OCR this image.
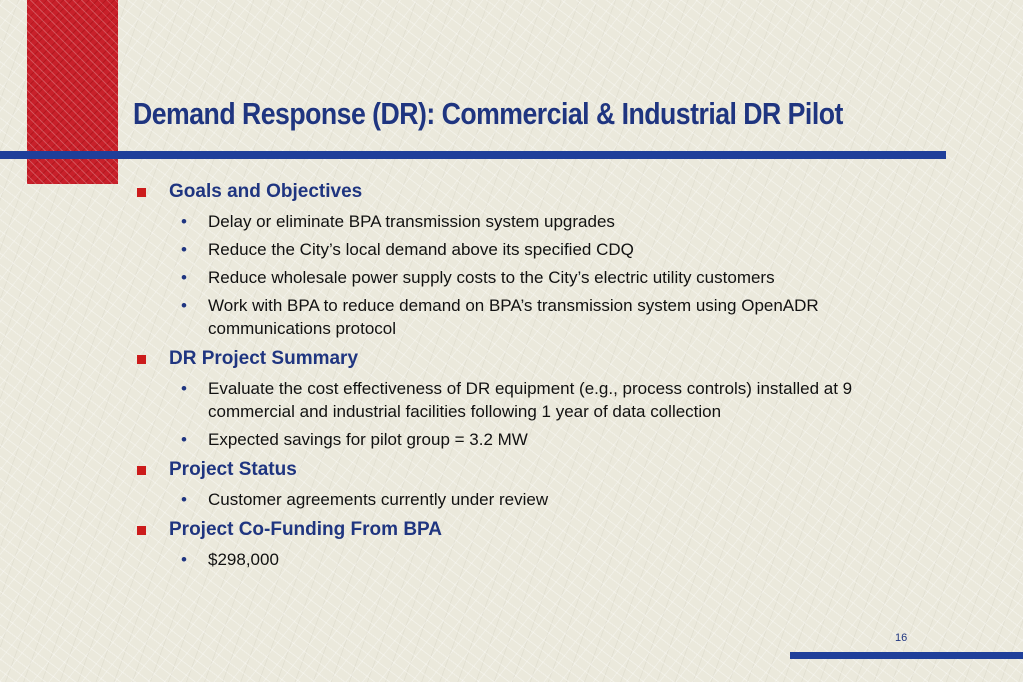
Demand Response (DR): Commercial & Industrial DR Pilot
Goals and Objectives
• Delay or eliminate BPA transmission system upgrades
• Reduce the City’s local demand above its specified CDQ
• Reduce wholesale power supply costs to the City’s electric utility customers
• Work with BPA to reduce demand on BPA’s transmission system using OpenADR communications protocol
DR Project Summary
• Evaluate the cost effectiveness of DR equipment (e.g., process controls) installed at 9 commercial and industrial facilities following 1 year of data collection
• Expected savings for pilot group = 3.2 MW
Project Status
• Customer agreements currently under review
Project Co-Funding From BPA
• $298,000
16
